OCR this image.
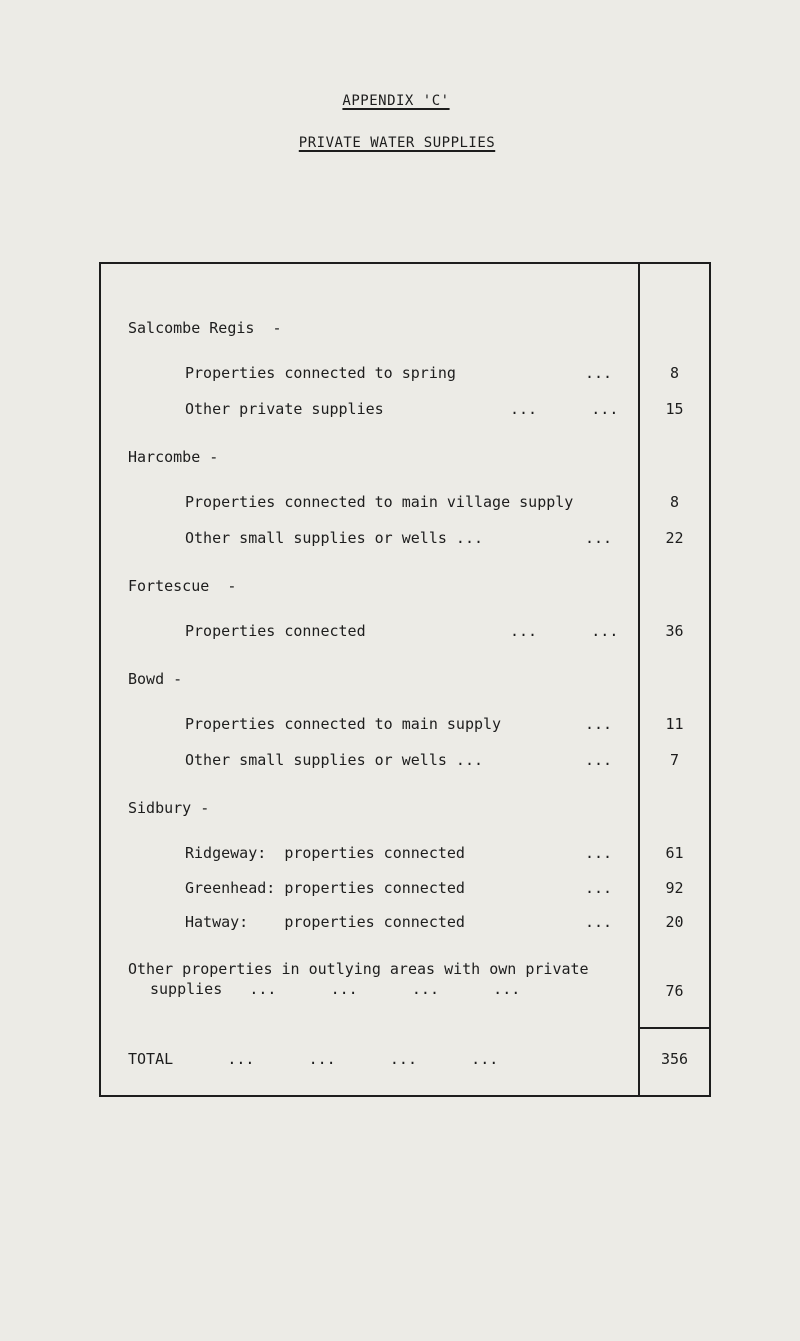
APPENDIX 'C'
PRIVATE WATER SUPPLIES
Salcombe Regis  -
Properties connected to spring	...	8
Other private supplies	...      ...	15
Harcombe -
Properties connected to main village supply	8
Other small supplies or wells ...	...	22
Fortescue  -
Properties connected	...      ...	36
Bowd -
Properties connected to main supply	...	11
Other small supplies or wells ...	...	7
Sidbury -
Ridgeway:  properties connected	...	61
Greenhead: properties connected	...	92
Hatway:    properties connected	...	20
Other properties in outlying areas with own private
supplies   ...      ...      ...      ...	76
TOTAL      ...      ...      ...      ...	356
